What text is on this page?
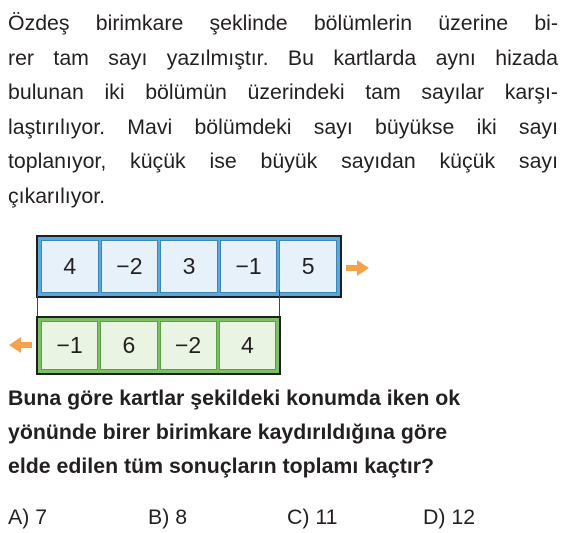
Özdeş birimkare şeklinde bölümlerin üzerine bi-
rer tam sayı yazılmıştır. Bu kartlarda aynı hizada
bulunan iki bölümün üzerindeki tam sayılar karşı-
laştırılıyor. Mavi bölümdeki sayı büyükse iki sayı
toplanıyor, küçük ise büyük sayıdan küçük sayı
çıkarılıyor.
4	−2	3	−1	5
−1	6	−2	4
Buna göre kartlar şekildeki konumda iken ok
yönünde birer birimkare kaydırıldığına göre
elde edilen tüm sonuçların toplamı kaçtır?
A) 7	B) 8	C) 11	D) 12
